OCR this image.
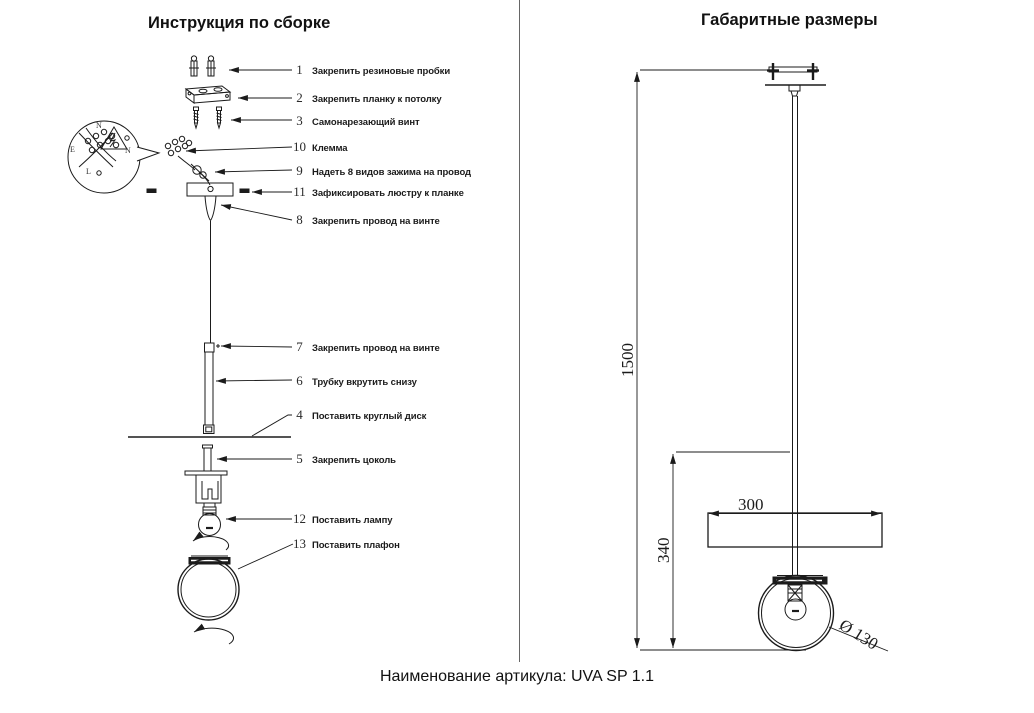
Инструкция по сборке	Габаритные размеры
N
N
L
E
1500
340
300
Ø 130
1 Закрепить резиновые пробки
2 Закрепить планку к потолку
3 Самонарезающий винт
10 Клемма
9 Надеть 8 видов зажима на провод
11 Зафиксировать люстру к планке
8 Закрепить провод на винте
7 Закрепить провод на винте
6 Трубку вкрутить снизу
4 Поставить круглый диск
5 Закрепить цоколь
12 Поставить лампу
13 Поставить плафон
Наименование артикула: UVA SP 1.1
